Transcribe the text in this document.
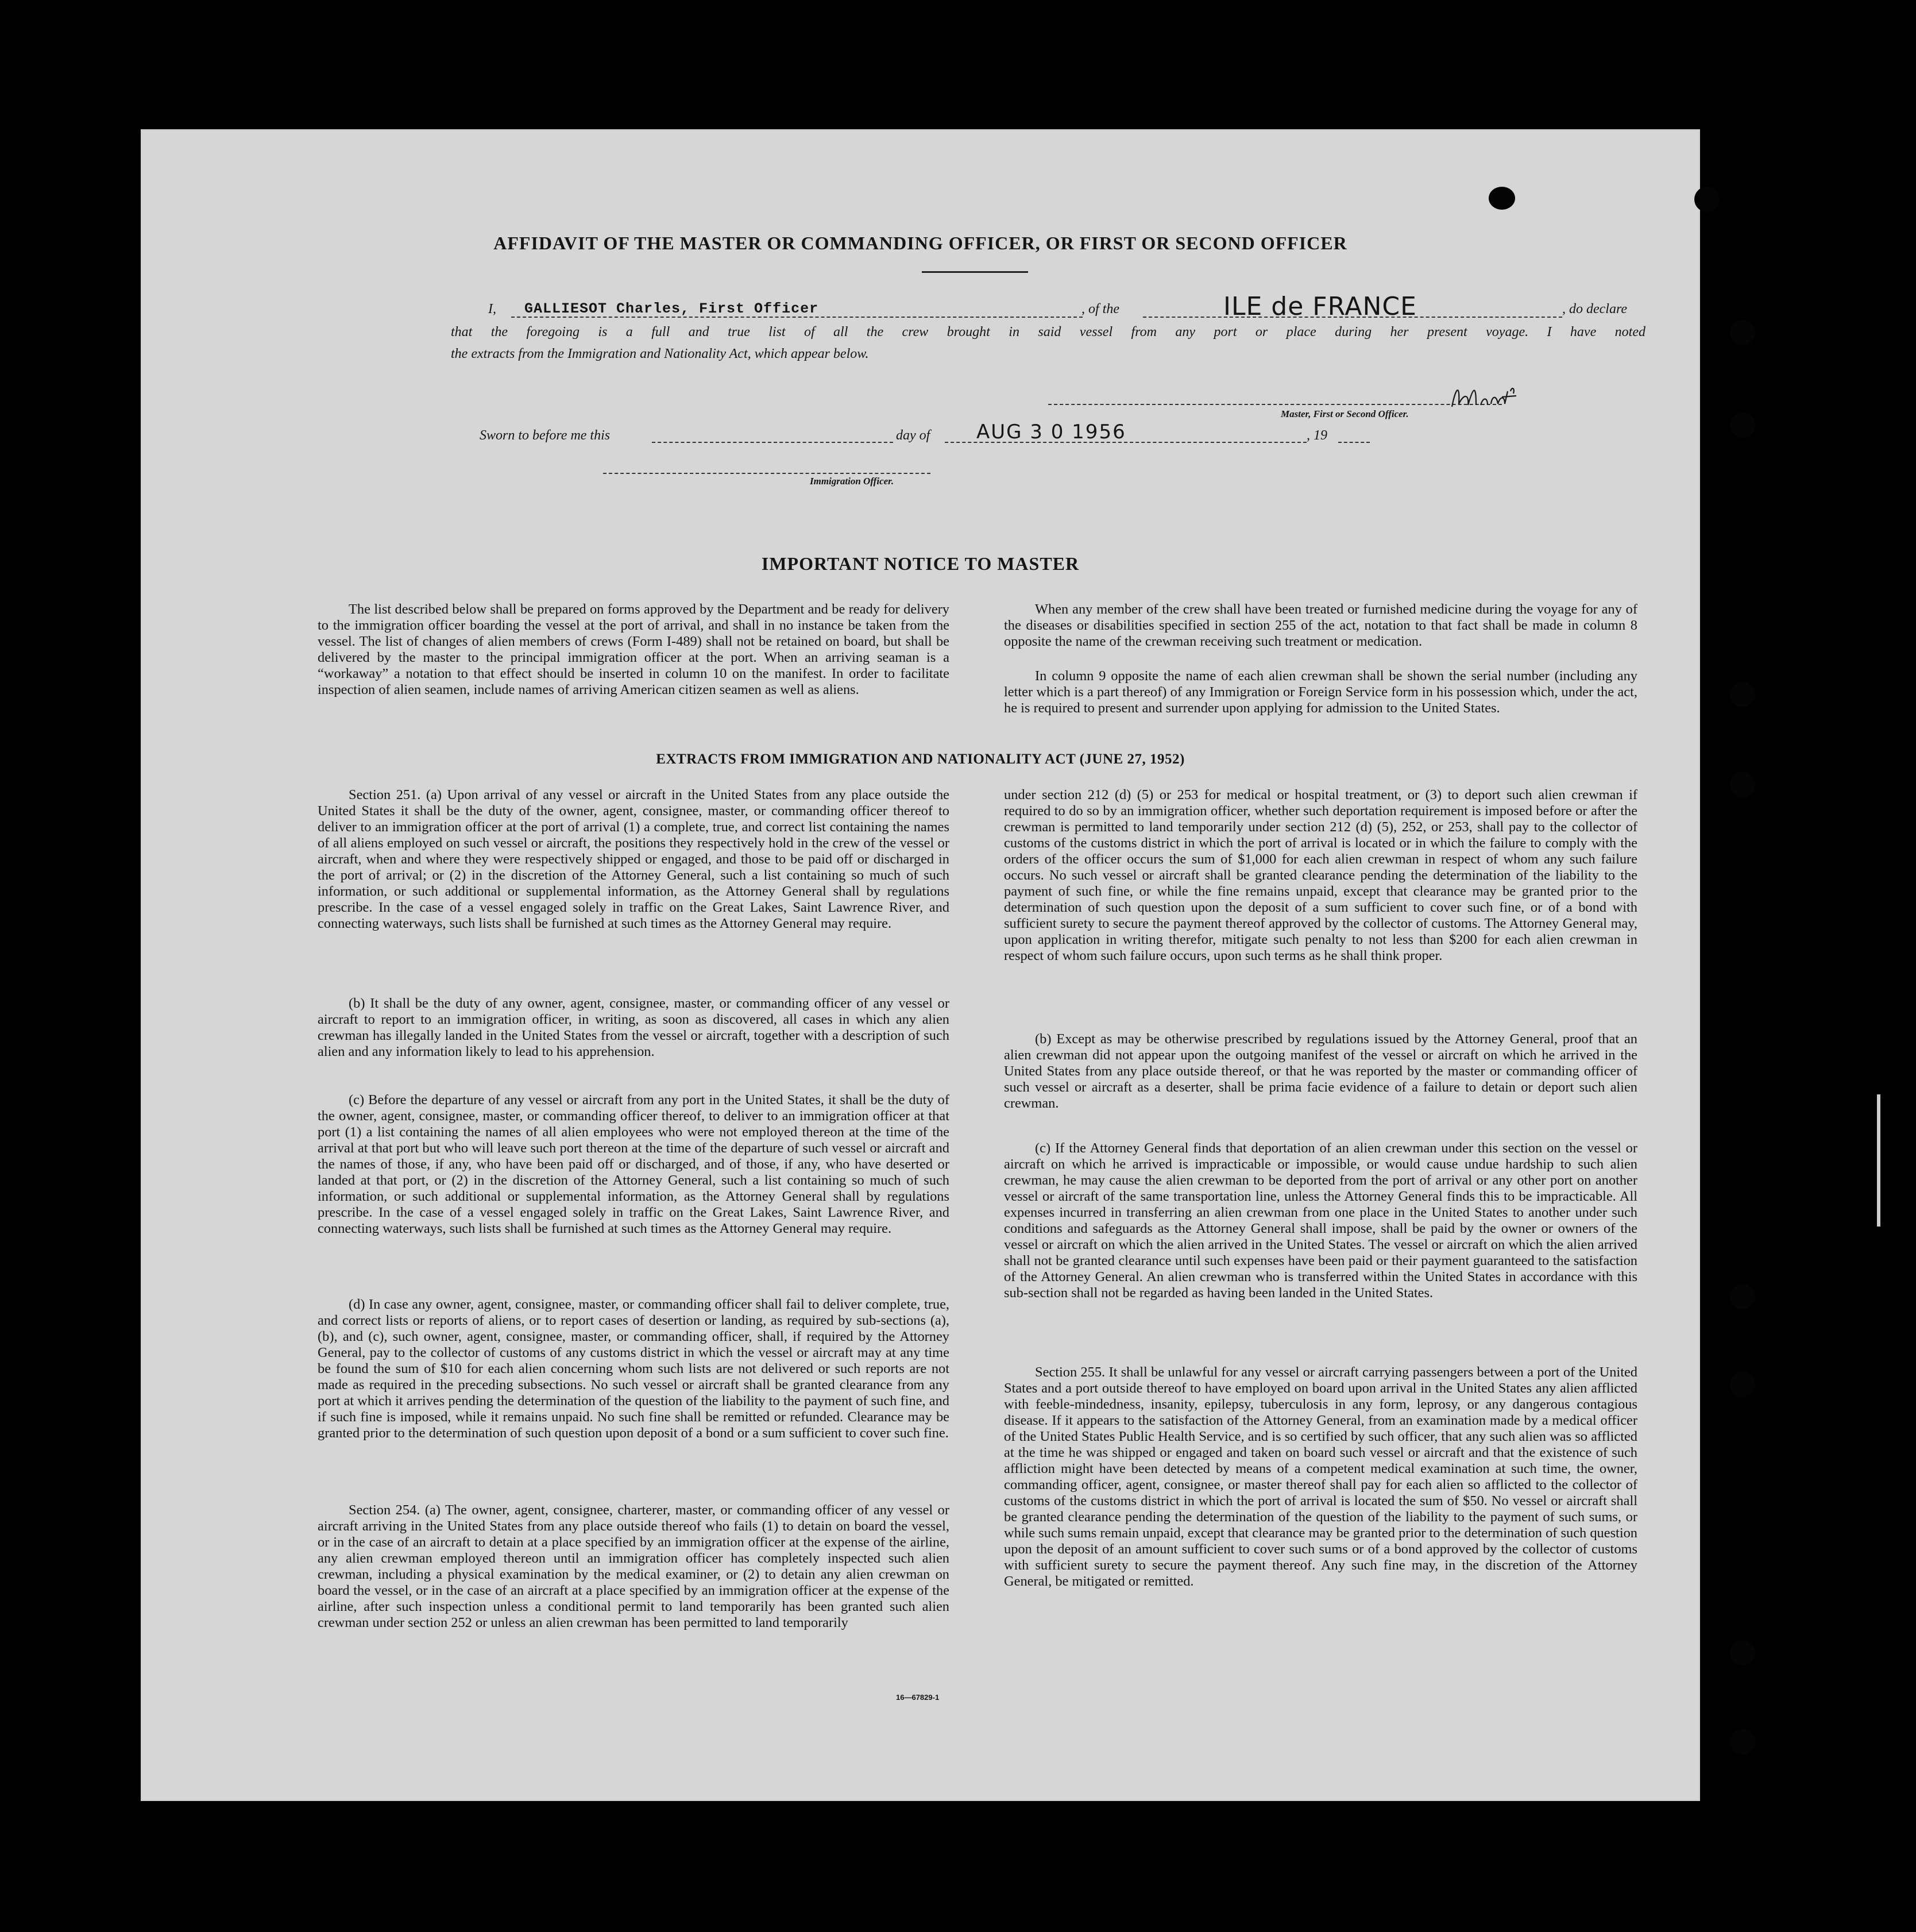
AFFIDAVIT OF THE MASTER OR COMMANDING OFFICER, OR FIRST OR SECOND OFFICER
I, GALLIESOT Charles, First Officer	, of the	ILE de FRANCE	, do declare
that the foregoing is a full and true list of all the crew brought in said vessel from any port or place during her present voyage. I have noted
the extracts from the Immigration and Nationality Act, which appear below.
Master, First or Second Officer.
Sworn to before me this	day of AUG 3 0 1956	, 19
Immigration Officer.
IMPORTANT NOTICE TO MASTER

The list described below shall be prepared on forms approved by the Department and be ready for delivery to the immigration officer boarding the vessel at the port of arrival, and shall in no instance be taken from the vessel. The list of changes of alien members of crews (Form I-489) shall not be retained on board, but shall be delivered by the master to the principal immigration officer at the port. When an arriving seaman is a “workaway” a notation to that effect should be inserted in column 10 on the manifest. In order to facilitate inspection of alien seamen, include names of arriving American citizen seamen as well as aliens.

When any member of the crew shall have been treated or furnished medicine during the voyage for any of the diseases or disabilities specified in section 255 of the act, notation to that fact shall be made in column 8 opposite the name of the crewman receiving such treatment or medication.

In column 9 opposite the name of each alien crewman shall be shown the serial number (including any letter which is a part thereof) of any Immigration or Foreign Service form in his possession which, under the act, he is required to present and surrender upon applying for admission to the United States.

EXTRACTS FROM IMMIGRATION AND NATIONALITY ACT (JUNE 27, 1952)

Section 251. (a) Upon arrival of any vessel or aircraft in the United States from any place outside the United States it shall be the duty of the owner, agent, consignee, master, or commanding officer thereof to deliver to an immigration officer at the port of arrival (1) a complete, true, and correct list containing the names of all aliens employed on such vessel or aircraft, the positions they respectively hold in the crew of the vessel or aircraft, when and where they were respectively shipped or engaged, and those to be paid off or discharged in the port of arrival; or (2) in the discretion of the Attorney General, such a list containing so much of such information, or such additional or supplemental information, as the Attorney General shall by regulations prescribe. In the case of a vessel engaged solely in traffic on the Great Lakes, Saint Lawrence River, and connecting waterways, such lists shall be furnished at such times as the Attorney General may require.

(b) It shall be the duty of any owner, agent, consignee, master, or commanding officer of any vessel or aircraft to report to an immigration officer, in writing, as soon as discovered, all cases in which any alien crewman has illegally landed in the United States from the vessel or aircraft, together with a description of such alien and any information likely to lead to his apprehension.

(c) Before the departure of any vessel or aircraft from any port in the United States, it shall be the duty of the owner, agent, consignee, master, or commanding officer thereof, to deliver to an immigration officer at that port (1) a list containing the names of all alien employees who were not employed thereon at the time of the arrival at that port but who will leave such port thereon at the time of the departure of such vessel or aircraft and the names of those, if any, who have been paid off or discharged, and of those, if any, who have deserted or landed at that port, or (2) in the discretion of the Attorney General, such a list containing so much of such information, or such additional or supplemental information, as the Attorney General shall by regulations prescribe. In the case of a vessel engaged solely in traffic on the Great Lakes, Saint Lawrence River, and connecting waterways, such lists shall be furnished at such times as the Attorney General may require.

(d) In case any owner, agent, consignee, master, or commanding officer shall fail to deliver complete, true, and correct lists or reports of aliens, or to report cases of desertion or landing, as required by sub-sections (a), (b), and (c), such owner, agent, consignee, master, or commanding officer, shall, if required by the Attorney General, pay to the collector of customs of any customs district in which the vessel or aircraft may at any time be found the sum of $10 for each alien concerning whom such lists are not delivered or such reports are not made as required in the preceding subsections. No such vessel or aircraft shall be granted clearance from any port at which it arrives pending the determination of the question of the liability to the payment of such fine, and if such fine is imposed, while it remains unpaid. No such fine shall be remitted or refunded. Clearance may be granted prior to the determination of such question upon deposit of a bond or a sum sufficient to cover such fine.

Section 254. (a) The owner, agent, consignee, charterer, master, or commanding officer of any vessel or aircraft arriving in the United States from any place outside thereof who fails (1) to detain on board the vessel, or in the case of an aircraft to detain at a place specified by an immigration officer at the expense of the airline, any alien crewman employed thereon until an immigration officer has completely inspected such alien crewman, including a physical examination by the medical examiner, or (2) to detain any alien crewman on board the vessel, or in the case of an aircraft at a place specified by an immigration officer at the expense of the airline, after such inspection unless a conditional permit to land temporarily has been granted such alien crewman under section 252 or unless an alien crewman has been permitted to land temporarily

under section 212 (d) (5) or 253 for medical or hospital treatment, or (3) to deport such alien crewman if required to do so by an immigration officer, whether such deportation requirement is imposed before or after the crewman is permitted to land temporarily under section 212 (d) (5), 252, or 253, shall pay to the collector of customs of the customs district in which the port of arrival is located or in which the failure to comply with the orders of the officer occurs the sum of $1,000 for each alien crewman in respect of whom any such failure occurs. No such vessel or aircraft shall be granted clearance pending the determination of the liability to the payment of such fine, or while the fine remains unpaid, except that clearance may be granted prior to the determination of such question upon the deposit of a sum sufficient to cover such fine, or of a bond with sufficient surety to secure the payment thereof approved by the collector of customs. The Attorney General may, upon application in writing therefor, mitigate such penalty to not less than $200 for each alien crewman in respect of whom such failure occurs, upon such terms as he shall think proper.

(b) Except as may be otherwise prescribed by regulations issued by the Attorney General, proof that an alien crewman did not appear upon the outgoing manifest of the vessel or aircraft on which he arrived in the United States from any place outside thereof, or that he was reported by the master or commanding officer of such vessel or aircraft as a deserter, shall be prima facie evidence of a failure to detain or deport such alien crewman.

(c) If the Attorney General finds that deportation of an alien crewman under this section on the vessel or aircraft on which he arrived is impracticable or impossible, or would cause undue hardship to such alien crewman, he may cause the alien crewman to be deported from the port of arrival or any other port on another vessel or aircraft of the same transportation line, unless the Attorney General finds this to be impracticable. All expenses incurred in transferring an alien crewman from one place in the United States to another under such conditions and safeguards as the Attorney General shall impose, shall be paid by the owner or owners of the vessel or aircraft on which the alien arrived in the United States. The vessel or aircraft on which the alien arrived shall not be granted clearance until such expenses have been paid or their payment guaranteed to the satisfaction of the Attorney General. An alien crewman who is transferred within the United States in accordance with this sub-section shall not be regarded as having been landed in the United States.

Section 255. It shall be unlawful for any vessel or aircraft carrying passengers between a port of the United States and a port outside thereof to have employed on board upon arrival in the United States any alien afflicted with feeble-mindedness, insanity, epilepsy, tuberculosis in any form, leprosy, or any dangerous contagious disease. If it appears to the satisfaction of the Attorney General, from an examination made by a medical officer of the United States Public Health Service, and is so certified by such officer, that any such alien was so afflicted at the time he was shipped or engaged and taken on board such vessel or aircraft and that the existence of such affliction might have been detected by means of a competent medical examination at such time, the owner, commanding officer, agent, consignee, or master thereof shall pay for each alien so afflicted to the collector of customs of the customs district in which the port of arrival is located the sum of $50. No vessel or aircraft shall be granted clearance pending the determination of the question of the liability to the payment of such sums, or while such sums remain unpaid, except that clearance may be granted prior to the determination of such question upon the deposit of an amount sufficient to cover such sums or of a bond approved by the collector of customs with sufficient surety to secure the payment thereof. Any such fine may, in the discretion of the Attorney General, be mitigated or remitted.

16—67829-1
